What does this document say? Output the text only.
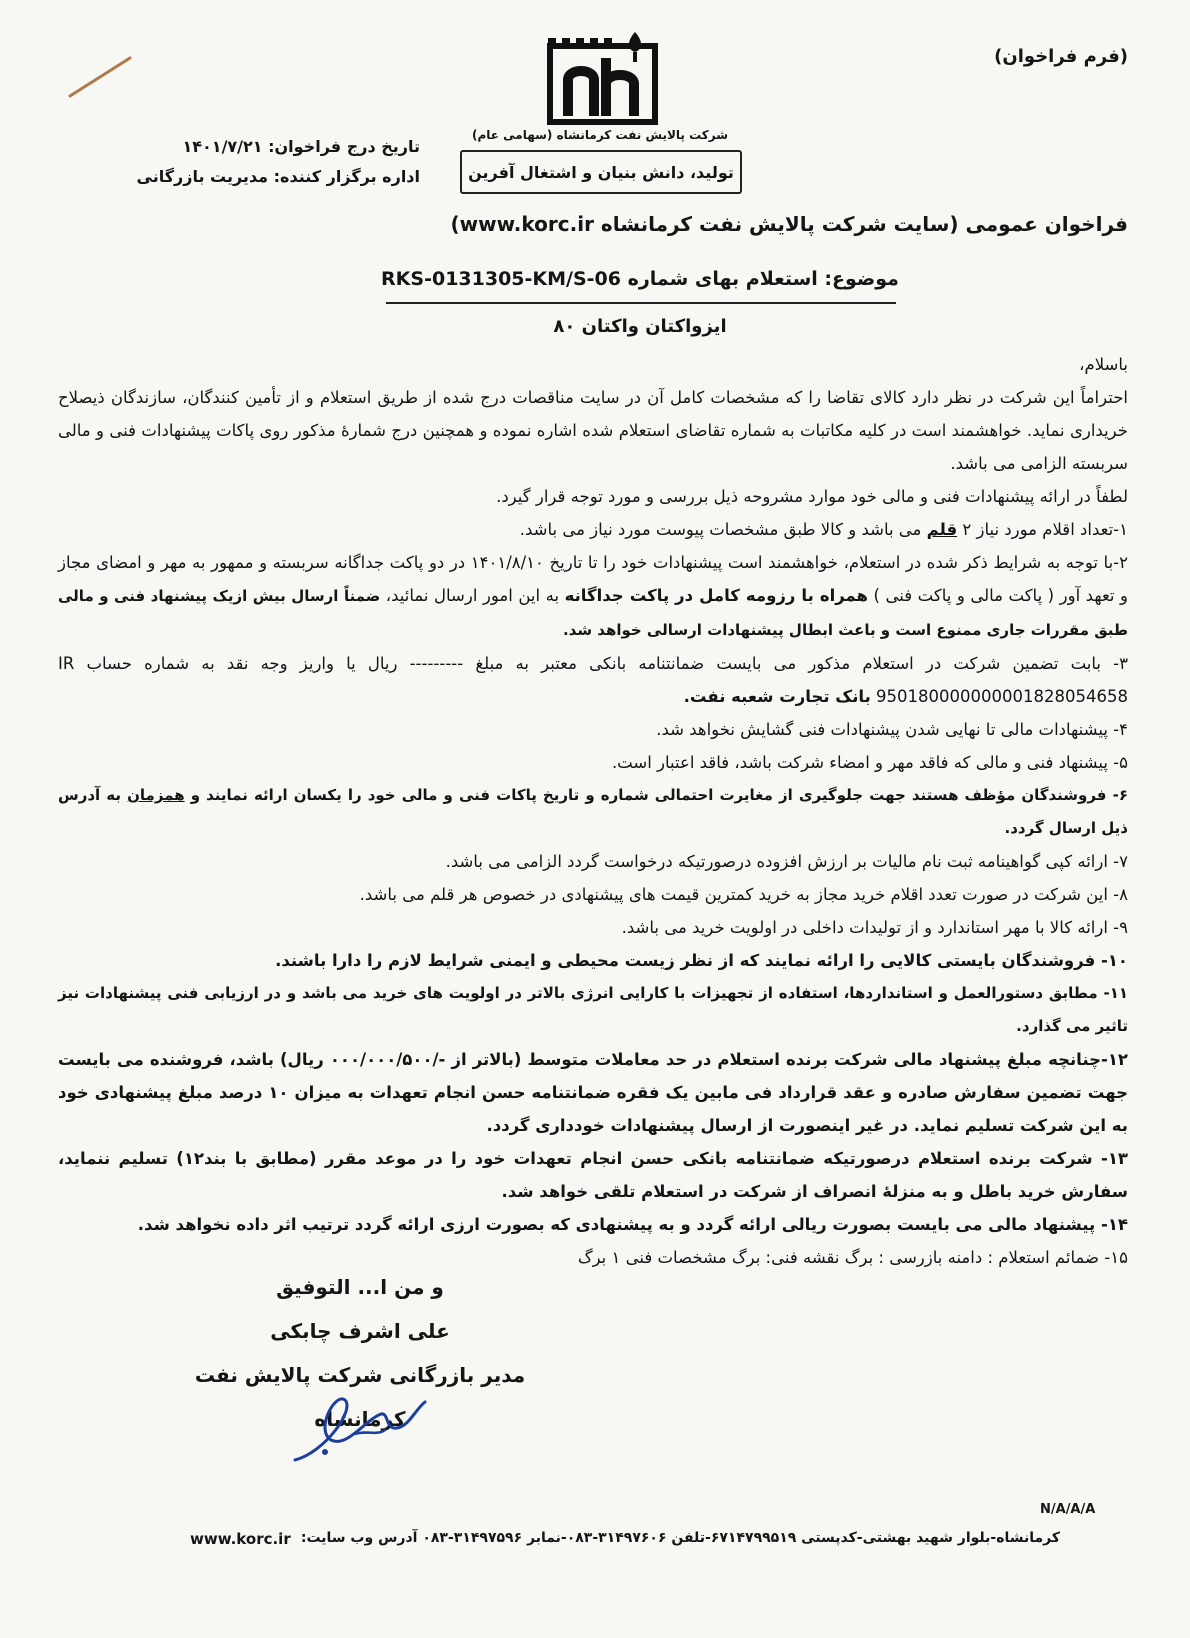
(فرم فراخوان)
شرکت پالایش نفت کرمانشاه (سهامی عام)
تولید، دانش بنیان و اشتغال آفرین
تاریخ درج فراخوان: ۱۴۰۱/۷/۲۱
اداره برگزار کننده: مدیریت بازرگانی
فراخوان عمومی (سایت شرکت پالایش نفت کرمانشاه www.korc.ir)
موضوع: استعلام بهای شماره RKS-0131305-KM/S-06
ایزواکتان واکتان ۸۰

باسلام،

احتراماً این شرکت در نظر دارد کالای تقاضا را که مشخصات کامل آن در سایت مناقصات درج شده از طریق استعلام و از تأمین کنندگان، سازندگان ذیصلاح خریداری نماید. خواهشمند است در کلیه مکاتبات به شماره تقاضای استعلام شده اشاره نموده و همچنین درج شمارهٔ مذکور روی پاکات پیشنهادات فنی و مالی سربسته الزامی می باشد.

لطفاً در ارائه پیشنهادات فنی و مالی خود موارد مشروحه ذیل بررسی و مورد توجه قرار گیرد.

۱-تعداد اقلام مورد نیاز ۲ قلم می باشد و کالا طبق مشخصات پیوست مورد نیاز می باشد.

۲-با توجه به شرایط ذکر شده در استعلام، خواهشمند است پیشنهادات خود را تا تاریخ ۱۴۰۱/۸/۱۰ در دو پاکت جداگانه سربسته و ممهور به مهر و امضای مجاز و تعهد آور ( پاکت مالی و پاکت فنی ) همراه با رزومه کامل در پاکت جداگانه به این امور ارسال نمائید، ضمناً ارسال بیش ازیک پیشنهاد فنی و مالی طبق مقررات جاری ممنوع است و باعث ابطال پیشنهادات ارسالی خواهد شد.

۳- بابت تضمین شرکت در استعلام مذکور می بایست ضمانتنامه بانکی معتبر به مبلغ --------- ریال یا واریز وجه نقد به شماره حساب IR 950180000000001828054658 بانک تجارت شعبه نفت.

۴- پیشنهادات مالی تا نهایی شدن پیشنهادات فنی گشایش نخواهد شد.

۵- پیشنهاد فنی و مالی که فاقد مهر و امضاء شرکت باشد، فاقد اعتبار است.

۶- فروشندگان مؤظف هستند جهت جلوگیری از مغایرت احتمالی شماره و تاریخ پاکات فنی و مالی خود را یکسان ارائه نمایند و همزمان به آدرس ذیل ارسال گردد.

۷- ارائه کپی گواهینامه ثبت نام مالیات بر ارزش افزوده درصورتیکه درخواست گردد الزامی می باشد.

۸- این شرکت در صورت تعدد اقلام خرید مجاز به خرید کمترین قیمت های پیشنهادی در خصوص هر قلم می باشد.

۹- ارائه کالا با مهر استاندارد و از تولیدات داخلی در اولویت خرید می باشد.

۱۰- فروشندگان بایستی کالایی را ارائه نمایند که از نظر زیست محیطی و ایمنی شرایط لازم را دارا باشند.

۱۱- مطابق دستورالعمل و استانداردها، استفاده از تجهیزات با کارایی انرژی بالاتر در اولویت های خرید می باشد و در ارزیابی فنی پیشنهادات نیز تاثیر می گذارد.

۱۲-چنانچه مبلغ پیشنهاد مالی شرکت برنده استعلام در حد معاملات متوسط (بالاتر از -/۰۰۰/۰۰۰/۵۰۰ ریال) باشد، فروشنده می بایست جهت تضمین سفارش صادره و عقد قرارداد فی مابین یک فقره ضمانتنامه حسن انجام تعهدات به میزان ۱۰ درصد مبلغ پیشنهادی خود به این شرکت تسلیم نماید. در غیر اینصورت از ارسال پیشنهادات خودداری گردد.

۱۳- شرکت برنده استعلام درصورتیکه ضمانتنامه بانکی حسن انجام تعهدات خود را در موعد مقرر (مطابق با بند۱۲) تسلیم ننماید، سفارش خرید باطل و به منزلهٔ انصراف از شرکت در استعلام تلقی خواهد شد.

۱۴- پیشنهاد مالی می بایست بصورت ریالی ارائه گردد و به پیشنهادی که بصورت ارزی ارائه گردد ترتیب اثر داده نخواهد شد.

۱۵- ضمائم استعلام : دامنه بازرسی : برگ نقشه فنی: برگ مشخصات فنی ۱ برگ

و من ا... التوفیق
علی اشرف چابکی
مدیر بازرگانی شرکت پالایش نفت کرمانشاه
N/A/A/A
www.korc.ir کرمانشاه-بلوار شهید بهشتی-کدپستی ۶۷۱۴۷۹۹۵۱۹-تلفن ۳۱۴۹۷۶۰۶-۰۸۳-نمابر ۳۱۴۹۷۵۹۶-۰۸۳ آدرس وب سایت:
